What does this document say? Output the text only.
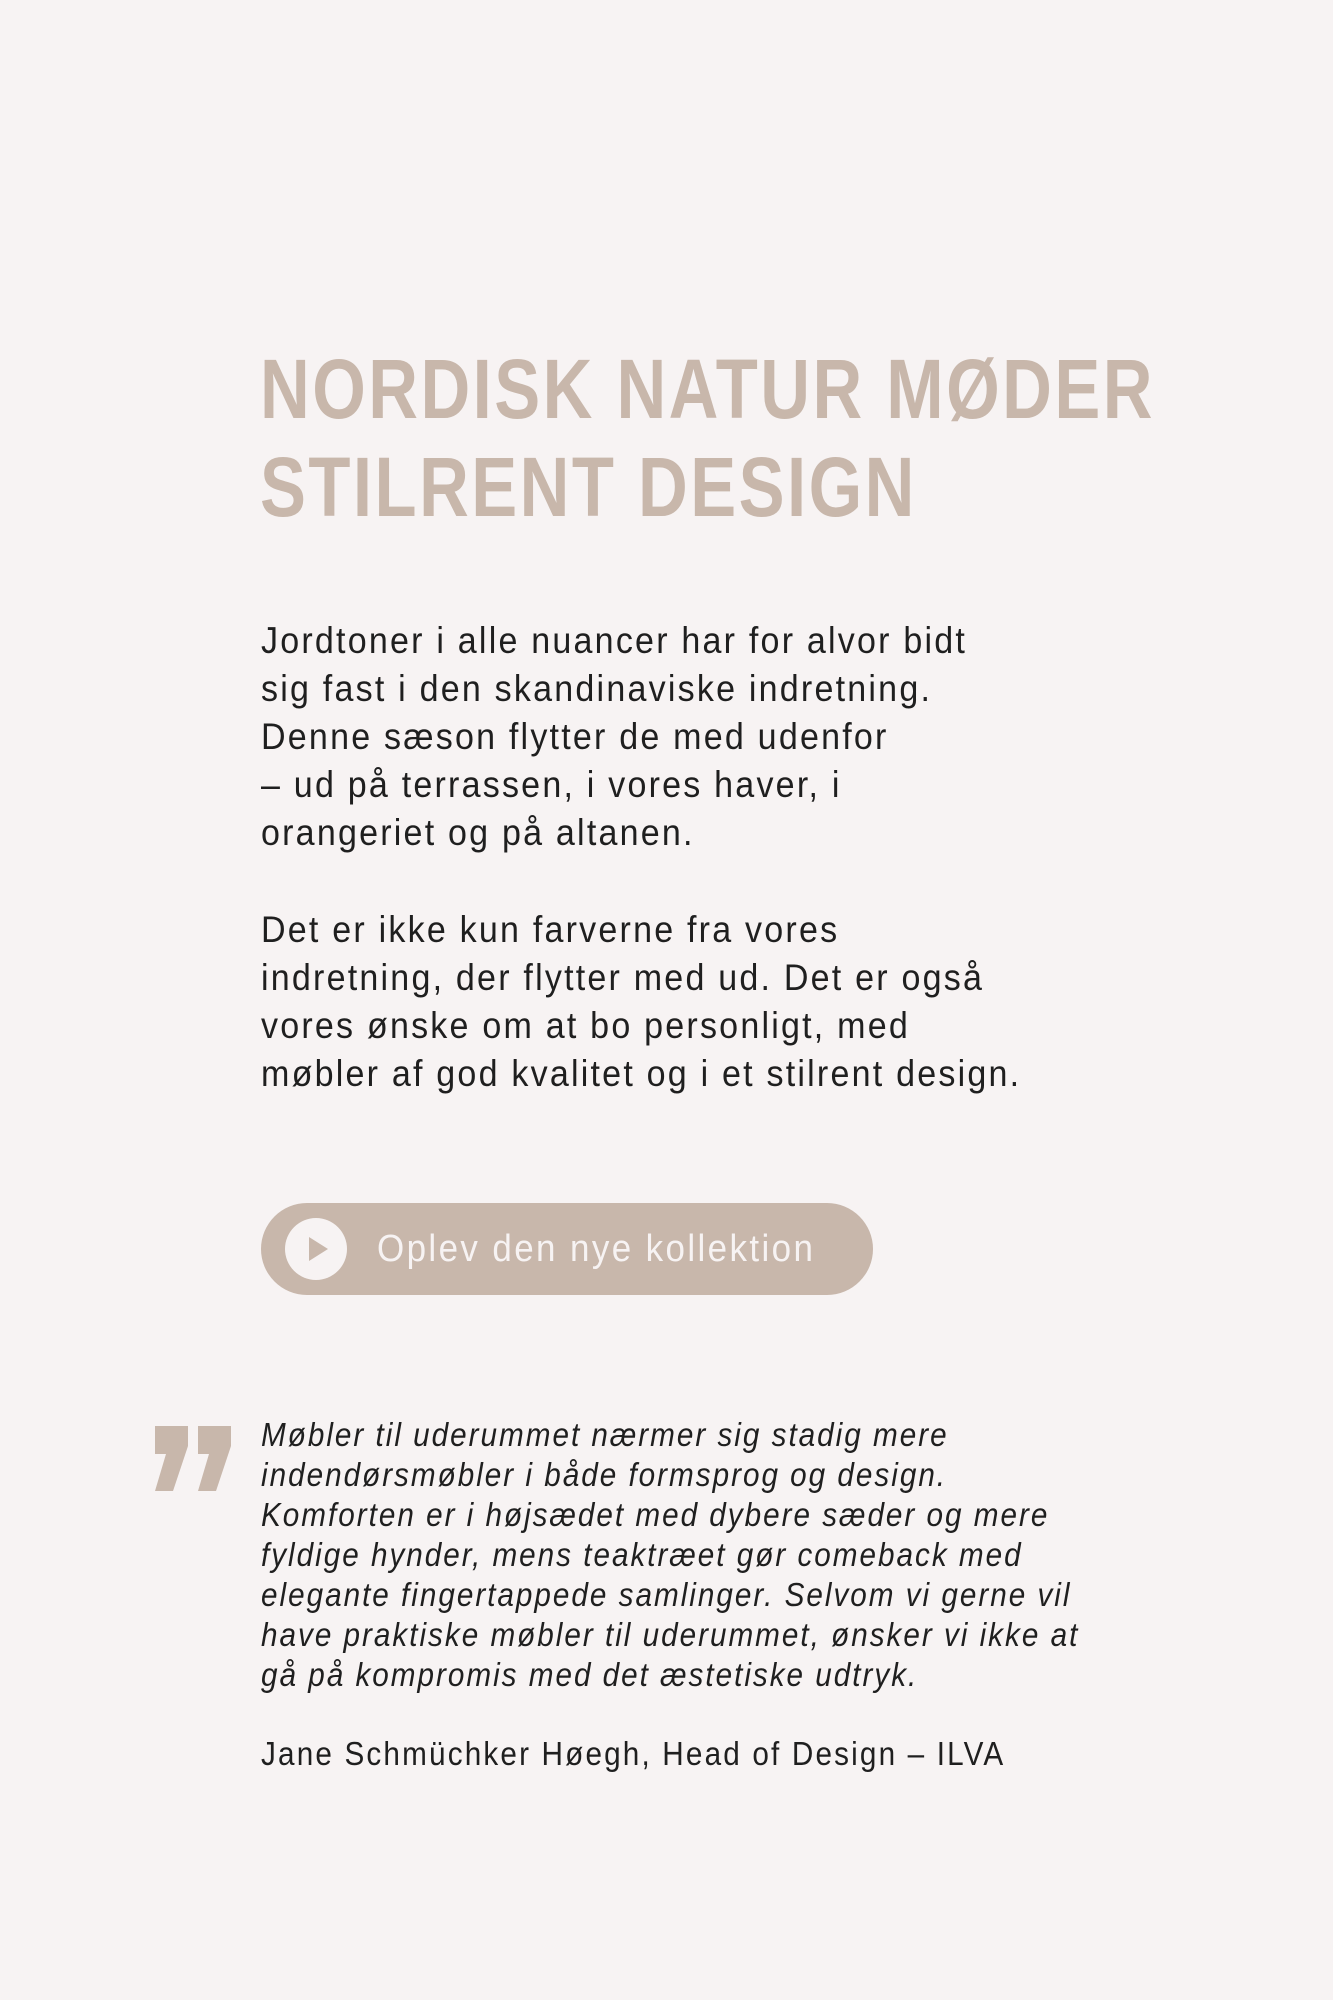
NORDISK NATUR MØDER
STILRENT DESIGN

Jordtoner i alle nuancer har for alvor bidt
sig fast i den skandinaviske indretning.
Denne sæson flytter de med udenfor
– ud på terrassen, i vores haver, i
orangeriet og på altanen.

Det er ikke kun farverne fra vores
indretning, der flytter med ud. Det er også
vores ønske om at bo personligt, med
møbler af god kvalitet og i et stilrent design.

Oplev den nye kollektion
Møbler til uderummet nærmer sig stadig mere
indendørsmøbler i både formsprog og design.
Komforten er i højsædet med dybere sæder og mere
fyldige hynder, mens teaktræet gør comeback med
elegante fingertappede samlinger. Selvom vi gerne vil
have praktiske møbler til uderummet, ønsker vi ikke at
gå på kompromis med det æstetiske udtryk.

Jane Schmüchker Høegh, Head of Design – ILVA
